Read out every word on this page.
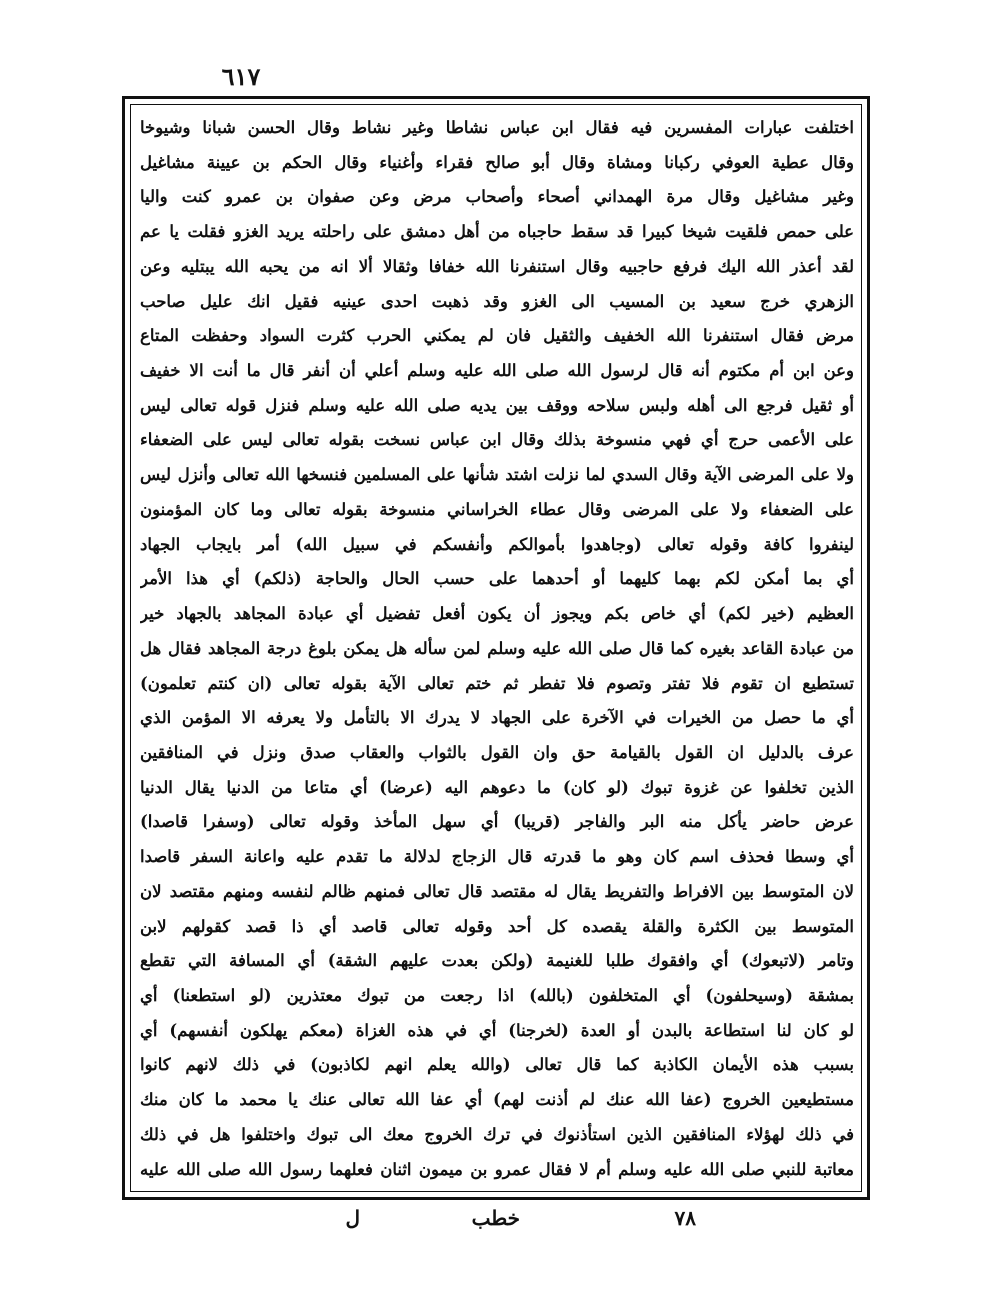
٦١٧
اختلفت عبارات المفسرين فيه فقال ابن عباس نشاطا وغير نشاط وقال الحسن شبانا وشيوخا
وقال عطية العوفي ركبانا ومشاة وقال أبو صالح فقراء وأغنياء وقال الحكم بن عيينة مشاغيل
وغير مشاغيل وقال مرة الهمداني أصحاء وأصحاب مرض وعن صفوان بن عمرو كنت واليا
على حمص فلقيت شيخا كبيرا قد سقط حاجباه من أهل دمشق على راحلته يريد الغزو فقلت يا عم
لقد أعذر الله اليك فرفع حاجبيه وقال استنفرنا الله خفافا وثقالا ألا انه من يحبه الله يبتليه وعن
الزهري خرج سعيد بن المسيب الى الغزو وقد ذهبت احدى عينيه فقيل انك عليل صاحب
مرض فقال استنفرنا الله الخفيف والثقيل فان لم يمكني الحرب كثرت السواد وحفظت المتاع
وعن ابن أم مكتوم أنه قال لرسول الله صلى الله عليه وسلم أعلي أن أنفر قال ما أنت الا خفيف
أو ثقيل فرجع الى أهله ولبس سلاحه ووقف بين يديه صلى الله عليه وسلم فنزل قوله تعالى ليس
على الأعمى حرج أي فهي منسوخة بذلك وقال ابن عباس نسخت بقوله تعالى ليس على الضعفاء
ولا على المرضى الآية وقال السدي لما نزلت اشتد شأنها على المسلمين فنسخها الله تعالى وأنزل ليس
على الضعفاء ولا على المرضى وقال عطاء الخراساني منسوخة بقوله تعالى وما كان المؤمنون
لينفروا كافة وقوله تعالى (وجاهدوا بأموالكم وأنفسكم في سبيل الله) أمر بايجاب الجهاد
أي بما أمكن لكم بهما كليهما أو أحدهما على حسب الحال والحاجة (ذلكم) أي هذا الأمر
العظيم (خير لكم) أي خاص بكم ويجوز أن يكون أفعل تفضيل أي عبادة المجاهد بالجهاد خير
من عبادة القاعد بغيره كما قال صلى الله عليه وسلم لمن سأله هل يمكن بلوغ درجة المجاهد فقال هل
تستطيع ان تقوم فلا تفتر وتصوم فلا تفطر ثم ختم تعالى الآية بقوله تعالى (ان كنتم تعلمون)
أي ما حصل من الخيرات في الآخرة على الجهاد لا يدرك الا بالتأمل ولا يعرفه الا المؤمن الذي
عرف بالدليل ان القول بالقيامة حق وان القول بالثواب والعقاب صدق ونزل في المنافقين
الذين تخلفوا عن غزوة تبوك (لو كان) ما دعوهم اليه (عرضا) أي متاعا من الدنيا يقال الدنيا
عرض حاضر يأكل منه البر والفاجر (قريبا) أي سهل المأخذ وقوله تعالى (وسفرا قاصدا)
أي وسطا فحذف اسم كان وهو ما قدرته قال الزجاج لدلالة ما تقدم عليه واعانة السفر قاصدا
لان المتوسط بين الافراط والتفريط يقال له مقتصد قال تعالى فمنهم ظالم لنفسه ومنهم مقتصد لان
المتوسط بين الكثرة والقلة يقصده كل أحد وقوله تعالى قاصد أي ذا قصد كقولهم لابن
وتامر (لاتبعوك) أي وافقوك طلبا للغنيمة (ولكن بعدت عليهم الشقة) أي المسافة التي تقطع
بمشقة (وسيحلفون) أي المتخلفون (بالله) اذا رجعت من تبوك معتذرين (لو استطعنا) أي
لو كان لنا استطاعة بالبدن أو العدة (لخرجنا) أي في هذه الغزاة (معكم يهلكون أنفسهم) أي
بسبب هذه الأيمان الكاذبة كما قال تعالى (والله يعلم انهم لكاذبون) في ذلك لانهم كانوا
مستطيعين الخروج (عفا الله عنك لم أذنت لهم) أي عفا الله تعالى عنك يا محمد ما كان منك
في ذلك لهؤلاء المنافقين الذين استأذنوك في ترك الخروج معك الى تبوك واختلفوا هل في ذلك
معاتبة للنبي صلى الله عليه وسلم أم لا فقال عمرو بن ميمون اثنان فعلهما رسول الله صلى الله عليه
٧٨
خطب
ل
